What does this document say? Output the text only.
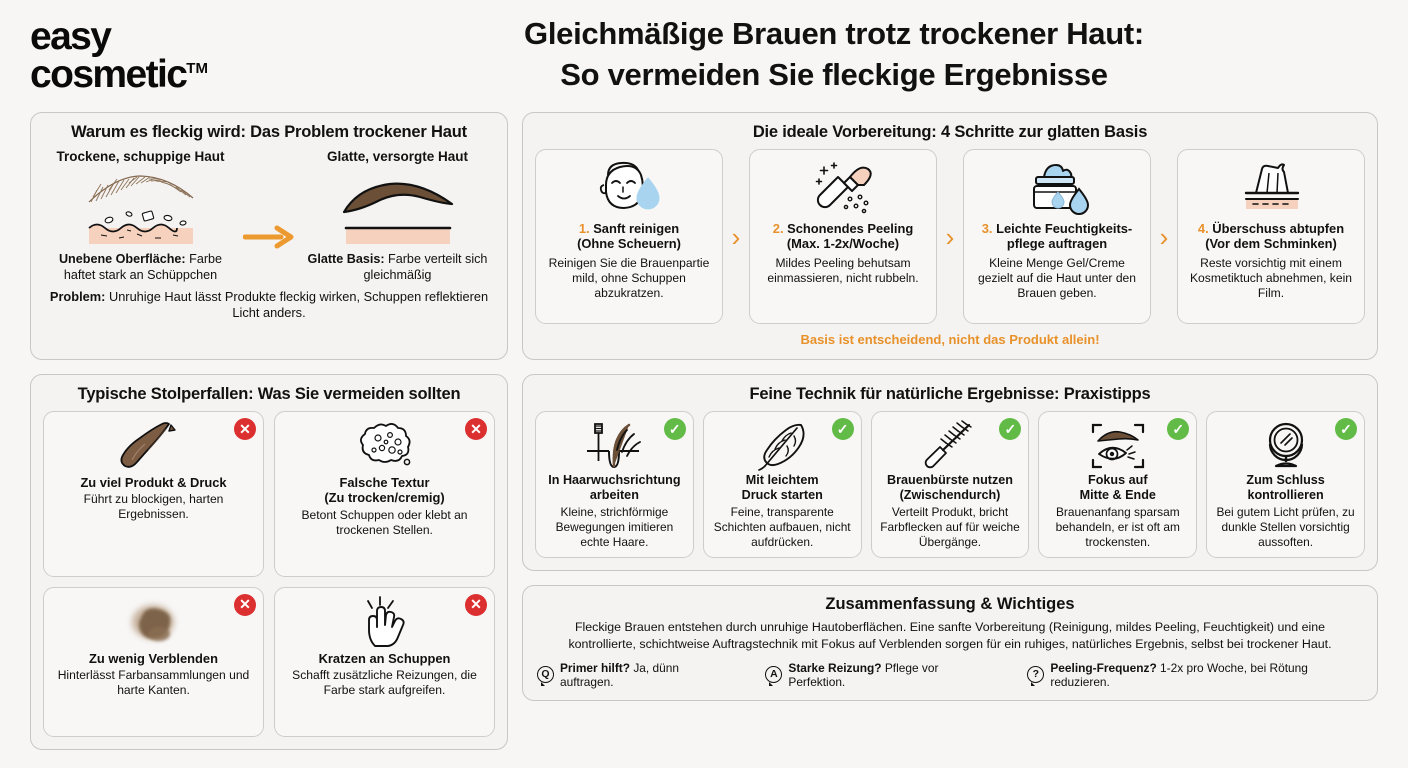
easy
cosmetic™
Gleichmäßige Brauen trotz trockener Haut:
So vermeiden Sie fleckige Ergebnisse
Warum es fleckig wird: Das Problem trockener Haut
Trockene, schuppige Haut
Unebene Oberfläche: Farbe haftet stark an Schüppchen
Glatte, versorgte Haut
Glatte Basis: Farbe verteilt sich gleichmäßig
Problem: Unruhige Haut lässt Produkte fleckig wirken, Schuppen reflektieren Licht anders.
Die ideale Vorbereitung: 4 Schritte zur glatten Basis
1. Sanft reinigen
(Ohne Scheuern)
Reinigen Sie die Brauenpartie mild, ohne Schuppen abzukratzen.
›	2. Schonendes Peeling
(Max. 1-2x/Woche)
Mildes Peeling behutsam einmassieren, nicht rubbeln.
›	3. Leichte Feuchtigkeits-
pflege auftragen
Kleine Menge Gel/Creme gezielt auf die Haut unter den Brauen geben.
›	4. Überschuss abtupfen
(Vor dem Schminken)
Reste vorsichtig mit einem Kosmetiktuch abnehmen, kein Film.
Basis ist entscheidend, nicht das Produkt allein!
Typische Stolperfallen: Was Sie vermeiden sollten
✕
Zu viel Produkt & Druck
Führt zu blockigen, harten Ergebnissen.
✕
Falsche Textur
(Zu trocken/cremig)
Betont Schuppen oder klebt an trockenen Stellen.
✕
Zu wenig Verblenden
Hinterlässt Farbansammlungen und harte Kanten.
✕
Kratzen an Schuppen
Schafft zusätzliche Reizungen, die Farbe stark aufgreifen.
Feine Technik für natürliche Ergebnisse: Praxistipps
✓
In Haarwuchsrichtung
arbeiten
Kleine, strichförmige Bewegungen imitieren echte Haare.
✓
Mit leichtem
Druck starten
Feine, transparente Schichten aufbauen, nicht aufdrücken.
✓
Brauenbürste nutzen
(Zwischendurch)
Verteilt Produkt, bricht Farbflecken auf für weiche Übergänge.
✓
Fokus auf
Mitte & Ende
Brauenanfang sparsam behandeln, er ist oft am trockensten.
✓
Zum Schluss
kontrollieren
Bei gutem Licht prüfen, zu dunkle Stellen vorsichtig aussoften.
Zusammenfassung & Wichtiges
Fleckige Brauen entstehen durch unruhige Hautoberflächen. Eine sanfte Vorbereitung (Reinigung, mildes Peeling, Feuchtigkeit) und eine
kontrollierte, schichtweise Auftragstechnik mit Fokus auf Verblenden sorgen für ein ruhiges, natürliches Ergebnis, selbst bei trockener Haut.
Q Primer hilft? Ja, dünn auftragen.
A Starke Reizung? Pflege vor Perfektion.
? Peeling-Frequenz? 1-2x pro Woche, bei Rötung reduzieren.
